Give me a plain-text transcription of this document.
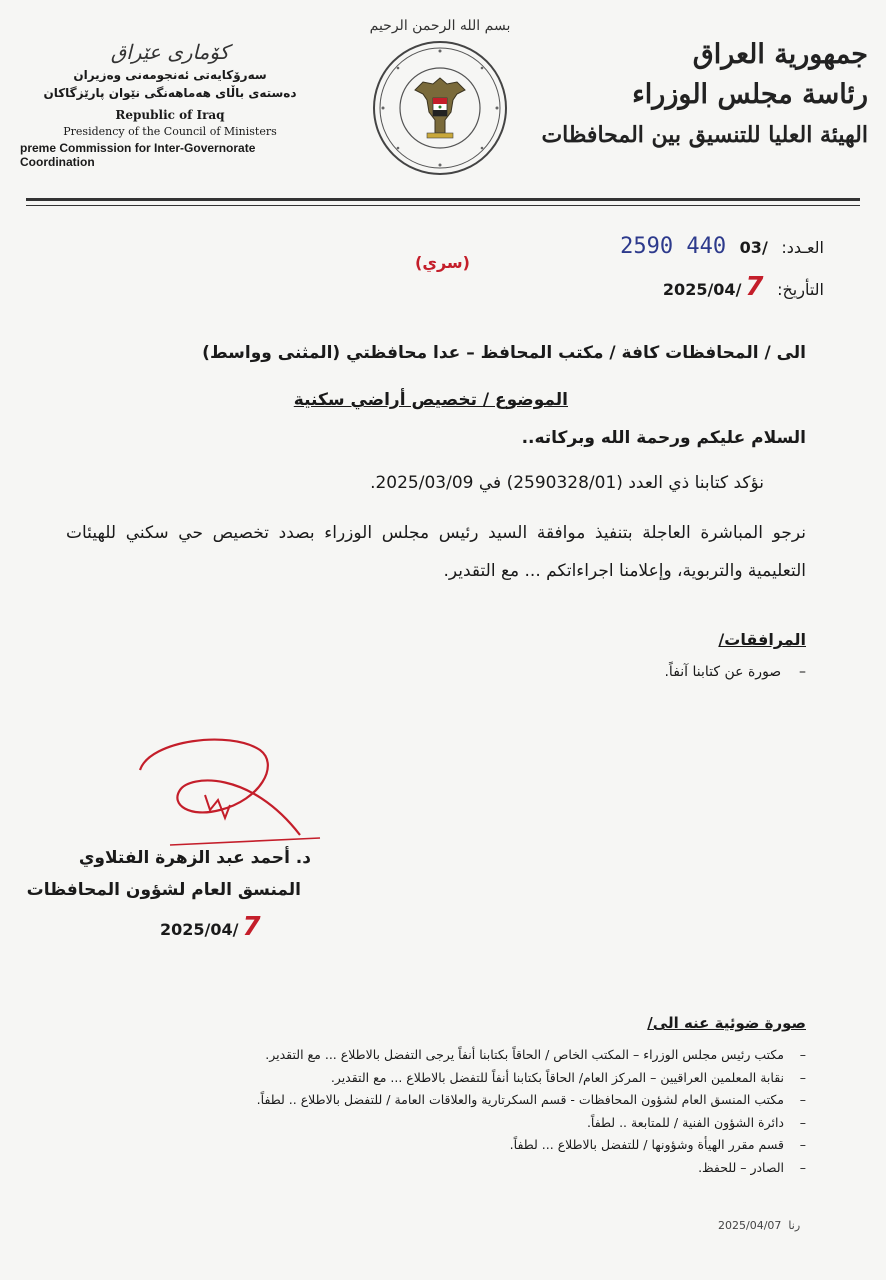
کۆماری عێراق
سەرۆکایەتی ئەنجومەنی وەزیران
دەستەی باڵای هەماهەنگی نێوان پارێزگاکان
Republic of Iraq
Presidency of the Council of Ministers
preme Commission for Inter-Governorate Coordination
بسم الله الرحمن الرحيم
جمهورية العراق
رئاسة مجلس الوزراء
الهيئة العليا للتنسيق بين المحافظات
العـدد: 03/ 2590 440
التأريخ: 2025/04/ 7
(سري)
الى / المحافظات كافة / مكتب المحافظ – عدا محافظتي (المثنى وواسط)
الموضوع / تخصيص أراضي سكنية
السلام عليكم ورحمة الله وبركاته..
نؤكد كتابنا ذي العدد (2590328/01) في 2025/03/09.
نرجو المباشرة العاجلة بتنفيذ موافقة السيد رئيس مجلس الوزراء بصدد تخصيص حي سكني للهيئات التعليمية والتربوية، وإعلامنا اجراءاتكم ... مع التقدير.
المرافقات/
–    صورة عن كتابنا آنفاً.
د. أحمد عبد الزهرة الفتلاوي
المنسق العام لشؤون المحافظات
2025/04/ 7
صورة ضوئية عنه الى/
–مكتب رئيس مجلس الوزراء – المكتب الخاص / الحاقاً بكتابنا أنفاً يرجى التفضل بالاطلاع ... مع التقدير.
–نقابة المعلمين العراقيين – المركز العام/ الحاقاً بكتابنا أنفاً للتفضل بالاطلاع ... مع التقدير.
–مكتب المنسق العام لشؤون المحافظات - قسم السكرتارية والعلاقات العامة / للتفضل بالاطلاع .. لطفاً.
–دائرة الشؤون الفنية / للمتابعة .. لطفاً.
–قسم مقرر الهيأة وشؤونها / للتفضل بالاطلاع ... لطفاً.
–الصادر – للحفظ.
2025/04/07 رنا
